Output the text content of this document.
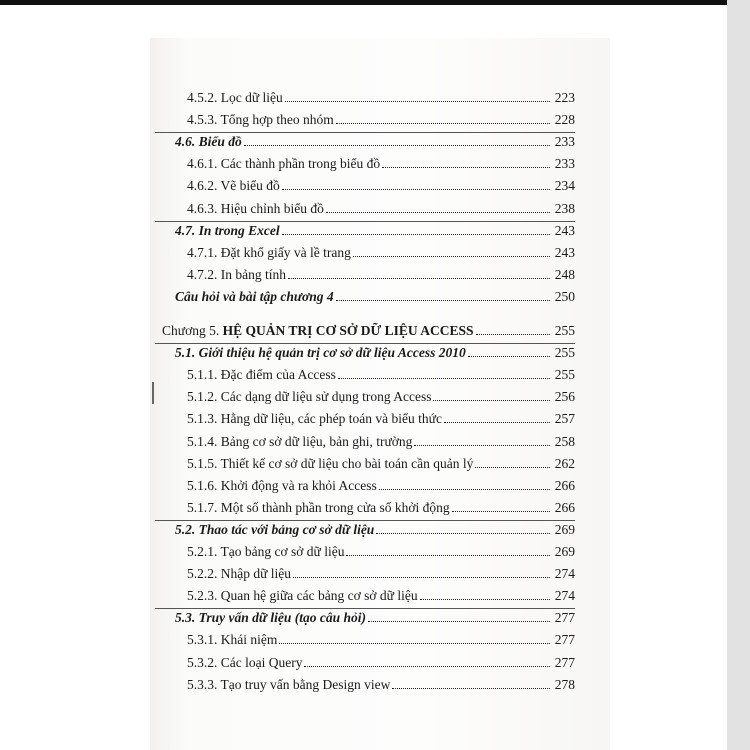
4.5.2. Lọc dữ liệu	223
4.5.3. Tổng hợp theo nhóm	228
4.6. Biểu đồ	233
4.6.1. Các thành phần trong biểu đồ	233
4.6.2. Vẽ biểu đồ	234
4.6.3. Hiệu chỉnh biểu đồ	238
4.7. In trong Excel	243
4.7.1. Đặt khổ giấy và lề trang	243
4.7.2. In bảng tính	248
Câu hỏi và bài tập chương 4	250
Chương 5. HỆ QUẢN TRỊ CƠ SỞ DỮ LIỆU ACCESS	255
5.1. Giới thiệu hệ quản trị cơ sở dữ liệu Access 2010	255
5.1.1. Đặc điểm của Access	255
5.1.2. Các dạng dữ liệu sử dụng trong Access	256
5.1.3. Hằng dữ liệu, các phép toán và biểu thức	257
5.1.4. Bảng cơ sở dữ liệu, bản ghi, trường	258
5.1.5. Thiết kế cơ sở dữ liệu cho bài toán cần quản lý	262
5.1.6. Khởi động và ra khỏi Access	266
5.1.7. Một số thành phần trong cửa sổ khởi động	266
5.2. Thao tác với bảng cơ sở dữ liệu	269
5.2.1. Tạo bảng cơ sở dữ liệu	269
5.2.2. Nhập dữ liệu	274
5.2.3. Quan hệ giữa các bảng cơ sở dữ liệu	274
5.3. Truy vấn dữ liệu (tạo câu hỏi)	277
5.3.1. Khái niệm	277
5.3.2. Các loại Query	277
5.3.3. Tạo truy vấn bằng Design view	278
